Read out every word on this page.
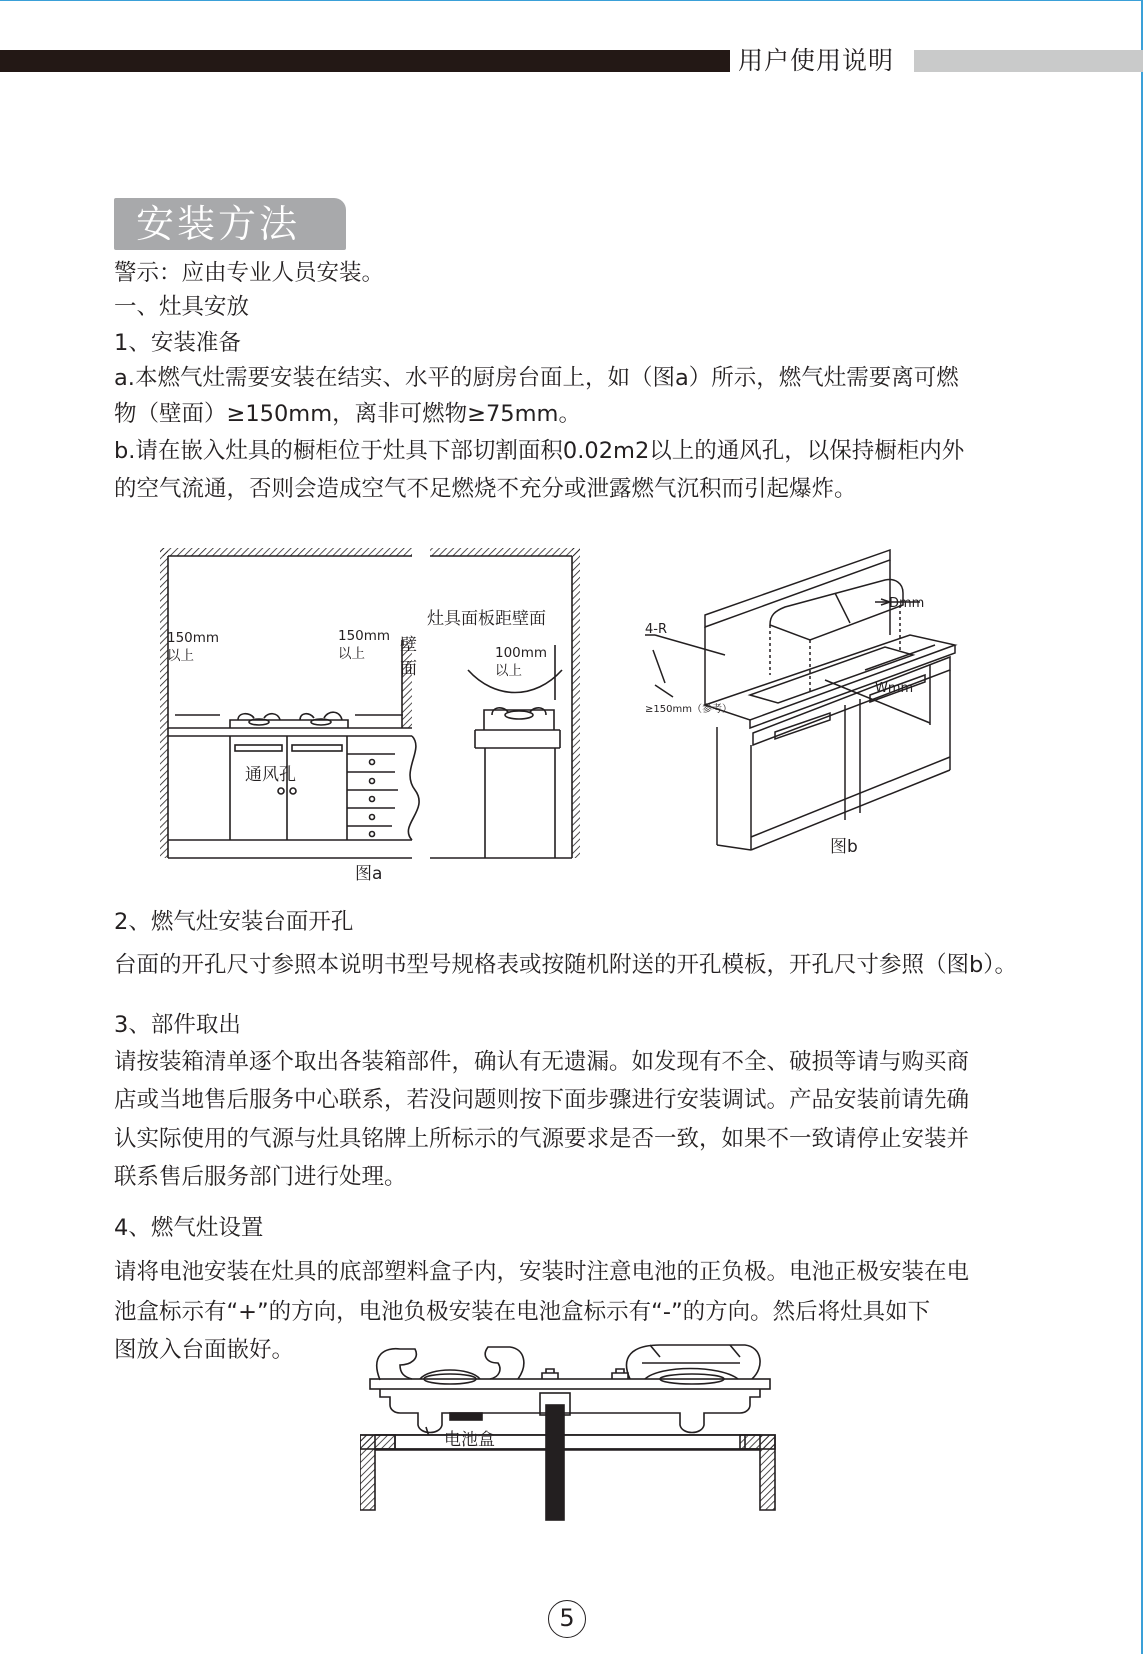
用户使用说明
安装方法
警示：应由专业人员安装。
一、灶具安放
1、安装准备
a.本燃气灶需要安装在结实、水平的厨房台面上，如（图a）所示，燃气灶需要离可燃
物（壁面）≥150mm，离非可燃物≥75mm。
b.请在嵌入灶具的橱柜位于灶具下部切割面积0.02m2以上的通风孔，以保持橱柜内外
的空气流通，否则会造成空气不足燃烧不充分或泄露燃气沉积而引起爆炸。
150mm
以上
150mm
以上 壁
面
通风孔
灶具面板距壁面
100mm
以上
图a
Dmm
4-R
Wmm
≥150mm（参考）
图b
2、燃气灶安装台面开孔
台面的开孔尺寸参照本说明书型号规格表或按随机附送的开孔模板，开孔尺寸参照（图b）。
3、部件取出
请按装箱清单逐个取出各装箱部件，确认有无遗漏。如发现有不全、破损等请与购买商
店或当地售后服务中心联系，若没问题则按下面步骤进行安装调试。产品安装前请先确
认实际使用的气源与灶具铭牌上所标示的气源要求是否一致，如果不一致请停止安装并
联系售后服务部门进行处理。
4、燃气灶设置
请将电池安装在灶具的底部塑料盒子内，安装时注意电池的正负极。电池正极安装在电
池盒标示有“+”的方向，电池负极安装在电池盒标示有“-”的方向。然后将灶具如下
图放入台面嵌好。
电池盒
5
